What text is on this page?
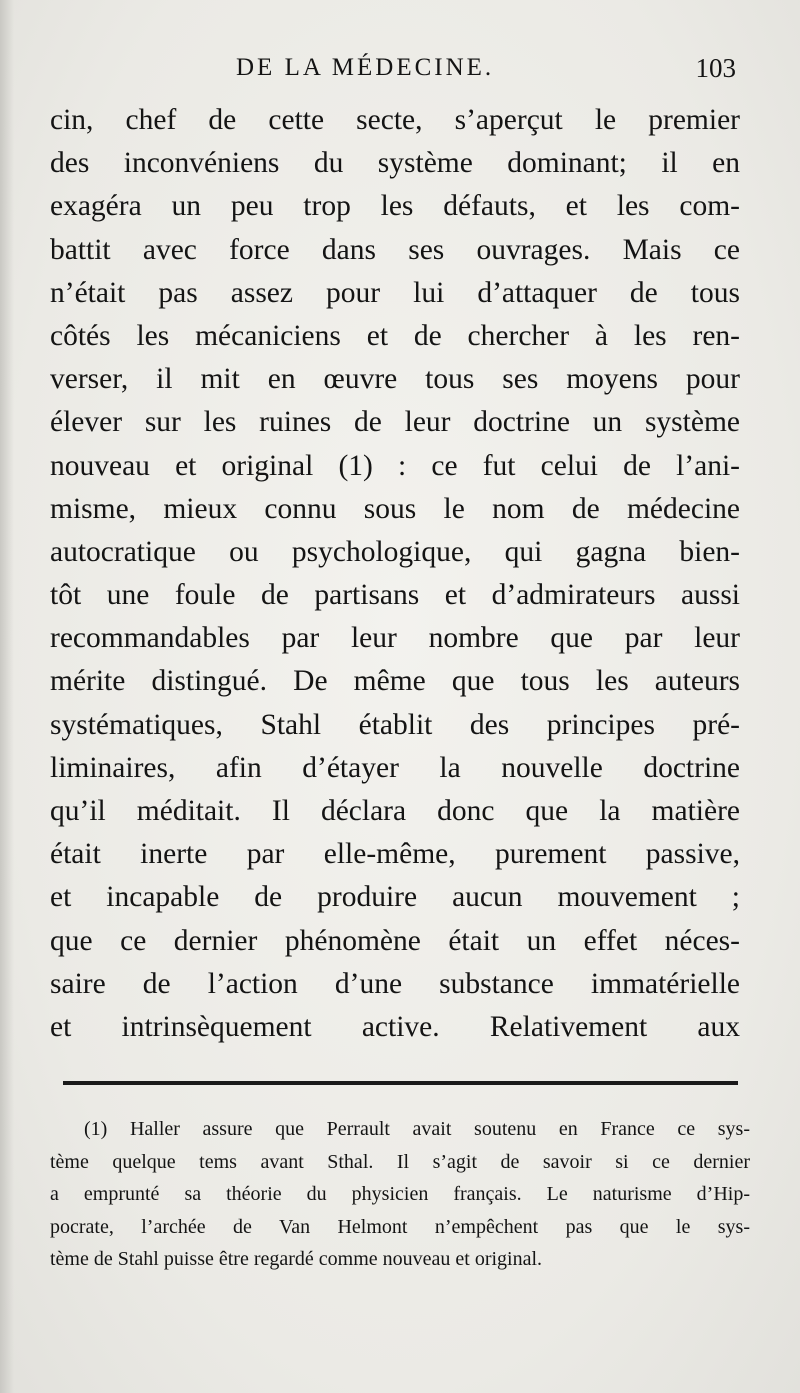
DE LA MÉDECINE.	103
cin, chef de cette secte, s’aperçut le premier
des inconvéniens du système dominant; il en
exagéra un peu trop les défauts, et les com-
battit avec force dans ses ouvrages. Mais ce
n’était pas assez pour lui d’attaquer de tous
côtés les mécaniciens et de chercher à les ren-
verser, il mit en œuvre tous ses moyens pour
élever sur les ruines de leur doctrine un système
nouveau et original (1) : ce fut celui de l’ani-
misme, mieux connu sous le nom de médecine
autocratique ou psychologique, qui gagna bien-
tôt une foule de partisans et d’admirateurs aussi
recommandables par leur nombre que par leur
mérite distingué. De même que tous les auteurs
systématiques, Stahl établit des principes pré-
liminaires, afin d’étayer la nouvelle doctrine
qu’il méditait. Il déclara donc que la matière
était inerte par elle-même, purement passive,
et incapable de produire aucun mouvement ;
que ce dernier phénomène était un effet néces-
saire de l’action d’une substance immatérielle
et intrinsèquement active. Relativement aux
(1) Haller assure que Perrault avait soutenu en France ce sys-
tème quelque tems avant Sthal. Il s’agit de savoir si ce dernier
a emprunté sa théorie du physicien français. Le naturisme d’Hip-
pocrate, l’archée de Van Helmont n’empêchent pas que le sys-
tème de Stahl puisse être regardé comme nouveau et original.
